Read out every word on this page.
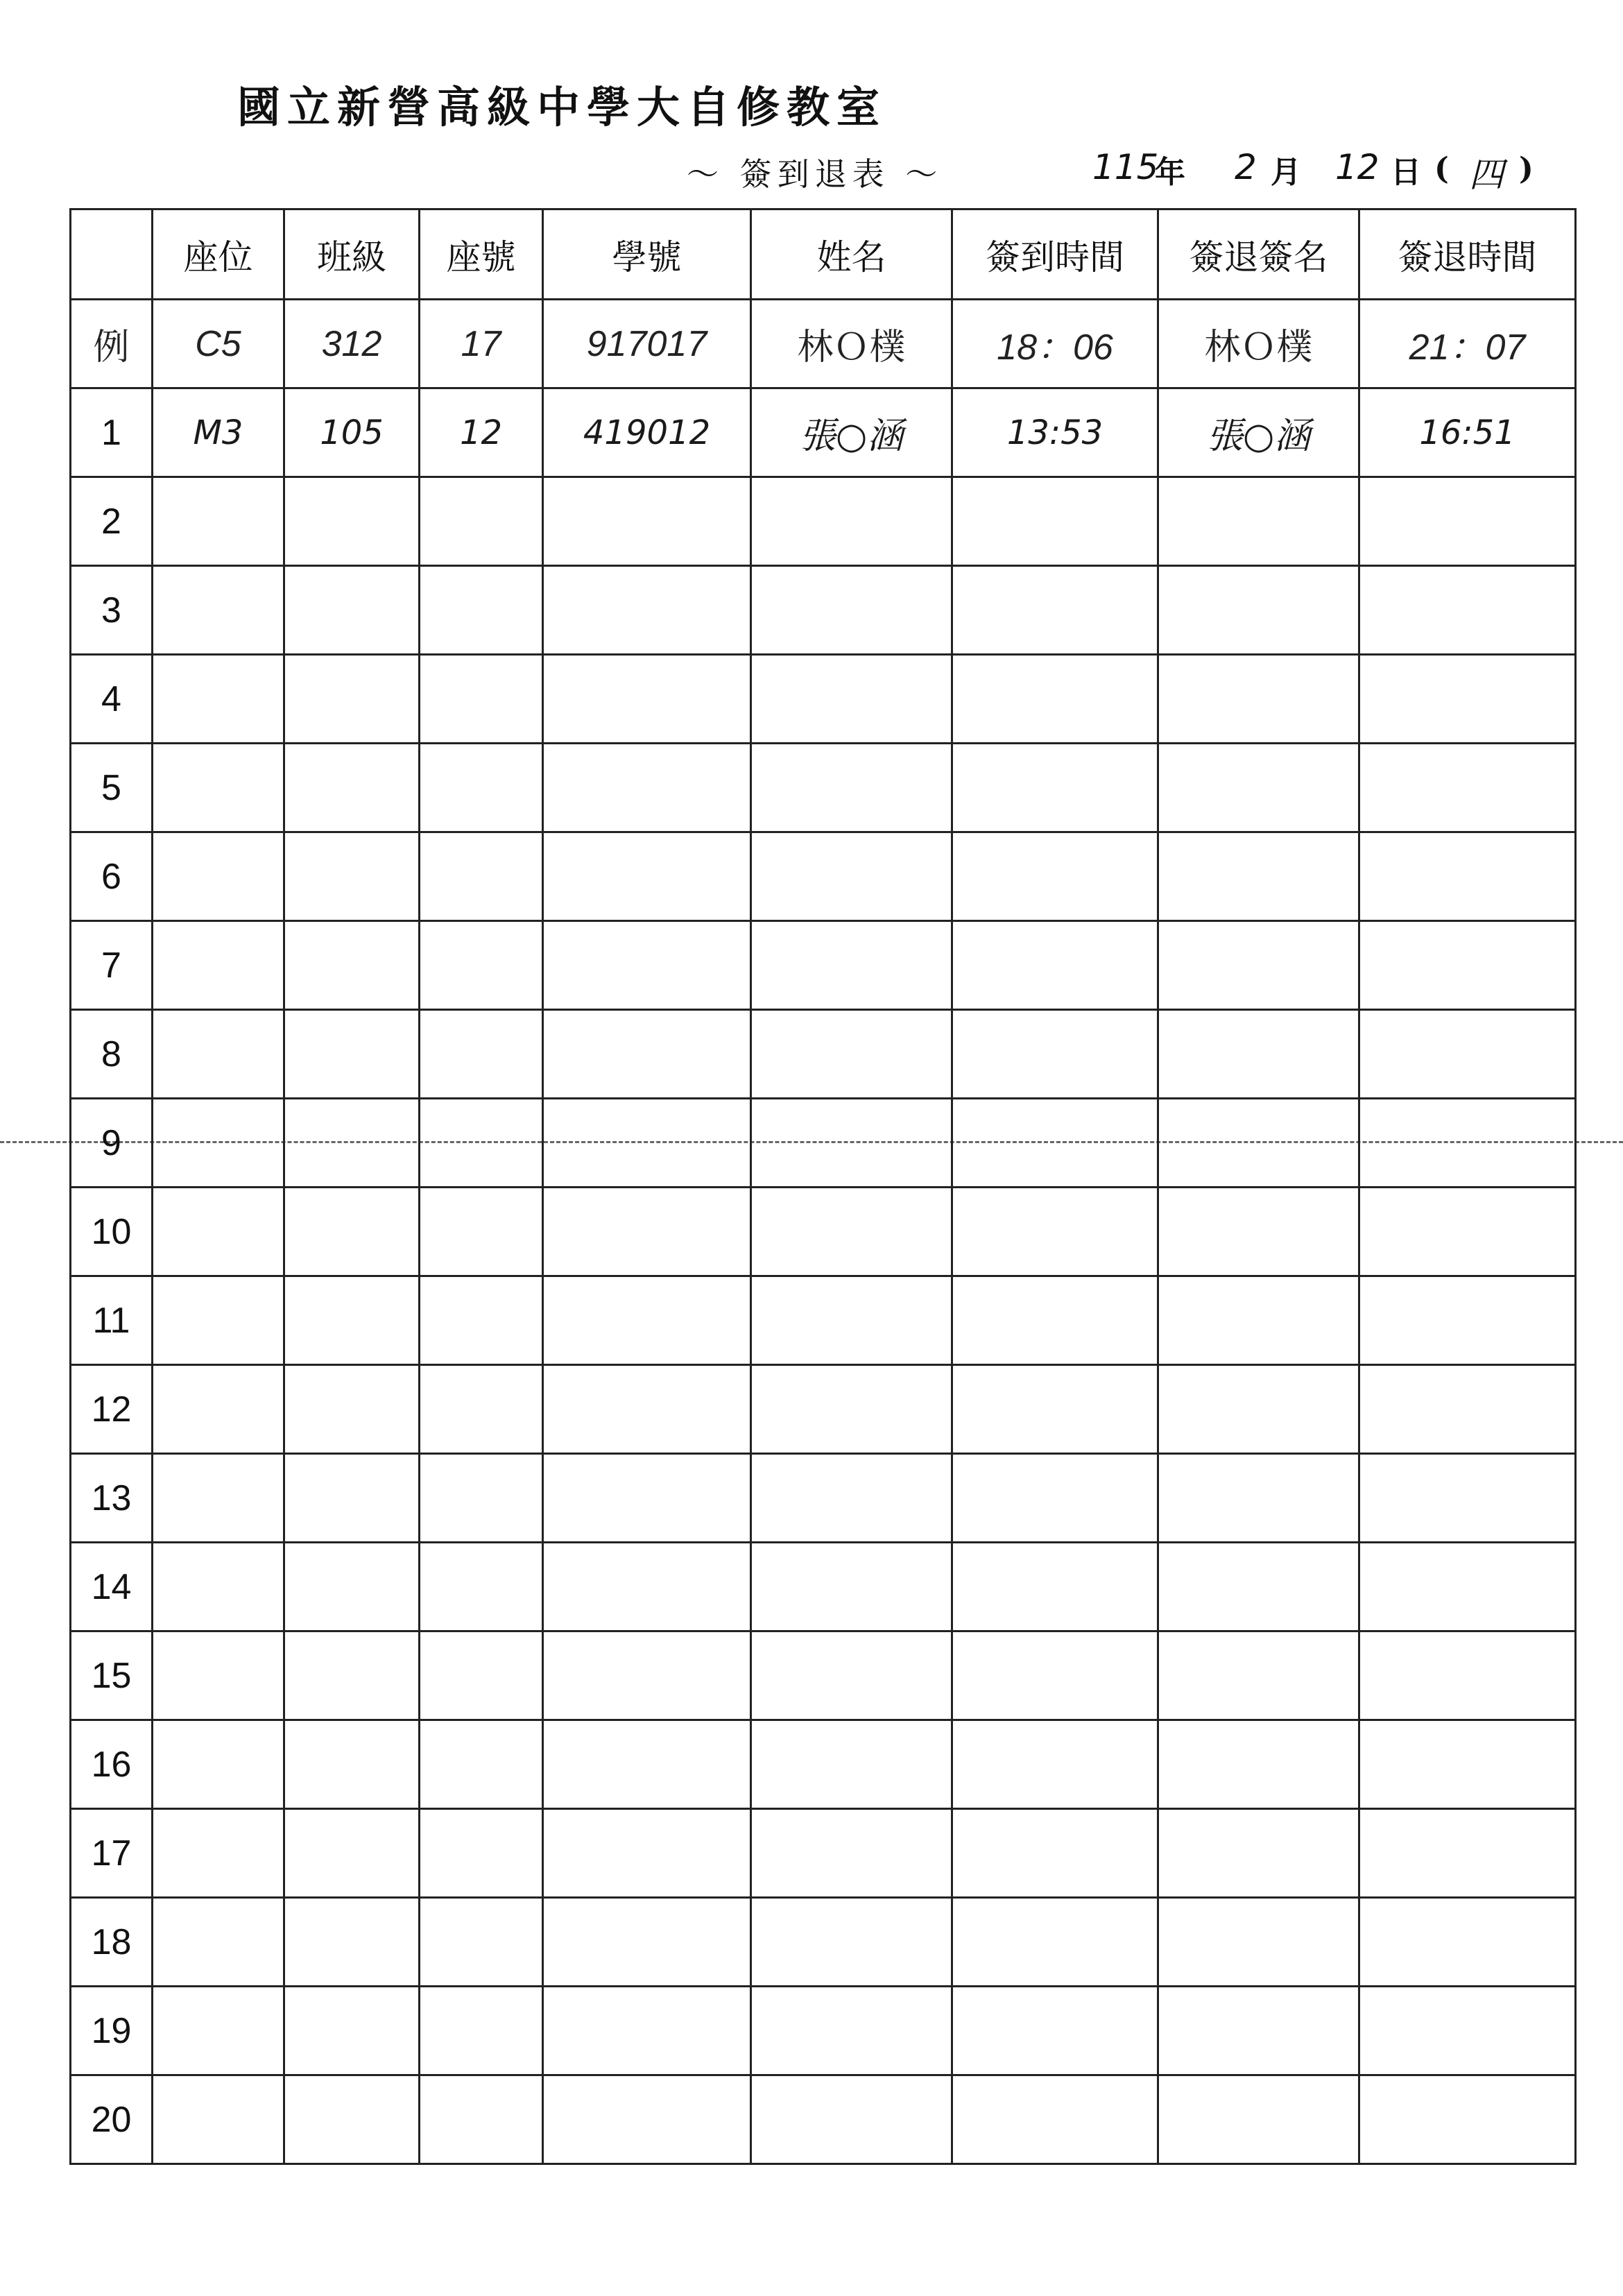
國立新營高級中學大自修教室
～ 簽到退表 ～	115
年 2 月 12 日 ( 四 )
	座位	班級	座號	學號	姓名	簽到時間	簽退簽名	簽退時間
例	C5	312	17	917017	林Ｏ樸	18：06	林Ｏ樸	21：07
1	M3	105	12	419012	張○涵	13:53	張○涵	16:51
2								
3								
4								
5								
6								
7								
8								
9								
10								
11								
12								
13								
14								
15								
16								
17								
18								
19								
20								
